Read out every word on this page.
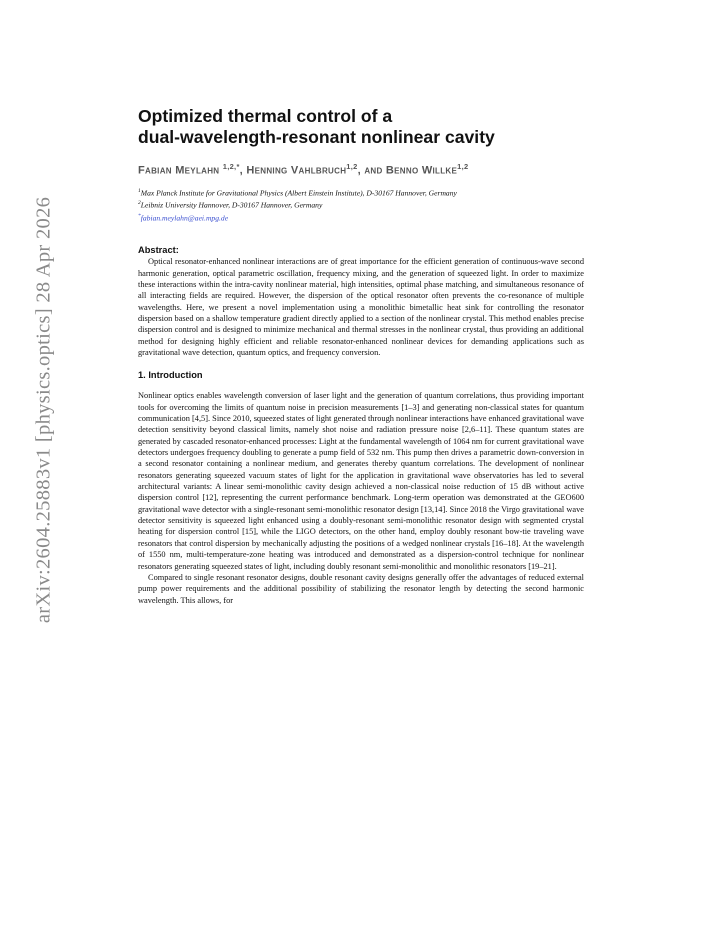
arXiv:2604.25883v1 [physics.optics] 28 Apr 2026
Optimized thermal control of a
dual-wavelength-resonant nonlinear cavity
Fabian Meylahn $^{1,2,*}$, Henning Vahlbruch$^{1,2}$, and Benno Willke$^{1,2}$
$^1$Max Planck Institute for Gravitational Physics (Albert Einstein Institute), D-30167 Hannover, Germany
$^2$Leibniz University Hannover, D-30167 Hannover, Germany
*fabian.meylahn@aei.mpg.de
Abstract:

Optical resonator-enhanced nonlinear interactions are of great importance for the efficient generation of continuous-wave second harmonic generation, optical parametric oscillation, frequency mixing, and the generation of squeezed light. In order to maximize these interactions within the intra-cavity nonlinear material, high intensities, optimal phase matching, and simultaneous resonance of all interacting fields are required. However, the dispersion of the optical resonator often prevents the co-resonance of multiple wavelengths. Here, we present a novel implementation using a monolithic bimetallic heat sink for controlling the resonator dispersion based on a shallow temperature gradient directly applied to a section of the nonlinear crystal. This method enables precise dispersion control and is designed to minimize mechanical and thermal stresses in the nonlinear crystal, thus providing an additional method for designing highly efficient and reliable resonator-enhanced nonlinear devices for demanding applications such as gravitational wave detection, quantum optics, and frequency conversion.

1. Introduction

Nonlinear optics enables wavelength conversion of laser light and the generation of quantum correlations, thus providing important tools for overcoming the limits of quantum noise in precision measurements [1–3] and generating non-classical states for quantum communication [4,5]. Since 2010, squeezed states of light generated through nonlinear interactions have enhanced gravitational wave detection sensitivity beyond classical limits, namely shot noise and radiation pressure noise [2,6–11]. These quantum states are generated by cascaded resonator-enhanced processes: Light at the fundamental wavelength of 1064 nm for current gravitational wave detectors undergoes frequency doubling to generate a pump field of 532 nm. This pump then drives a parametric down-conversion in a second resonator containing a nonlinear medium, and generates thereby quantum correlations. The development of nonlinear resonators generating squeezed vacuum states of light for the application in gravitational wave observatories has led to several architectural variants: A linear semi-monolithic cavity design achieved a non-classical noise reduction of 15 dB without active dispersion control [12], representing the current performance benchmark. Long-term operation was demonstrated at the GEO600 gravitational wave detector with a single-resonant semi-monolithic resonator design [13,14]. Since 2018 the Virgo gravitational wave detector sensitivity is squeezed light enhanced using a doubly-resonant semi-monolithic resonator design with segmented crystal heating for dispersion control [15], while the LIGO detectors, on the other hand, employ doubly resonant bow-tie traveling wave resonators that control dispersion by mechanically adjusting the positions of a wedged nonlinear crystals [16–18]. At the wavelength of 1550 nm, multi-temperature-zone heating was introduced and demonstrated as a dispersion-control technique for nonlinear resonators generating squeezed states of light, including doubly resonant semi-monolithic and monolithic resonators [19–21].

Compared to single resonant resonator designs, double resonant cavity designs generally offer the advantages of reduced external pump power requirements and the additional possibility of stabilizing the resonator length by detecting the second harmonic wavelength. This allows, for
